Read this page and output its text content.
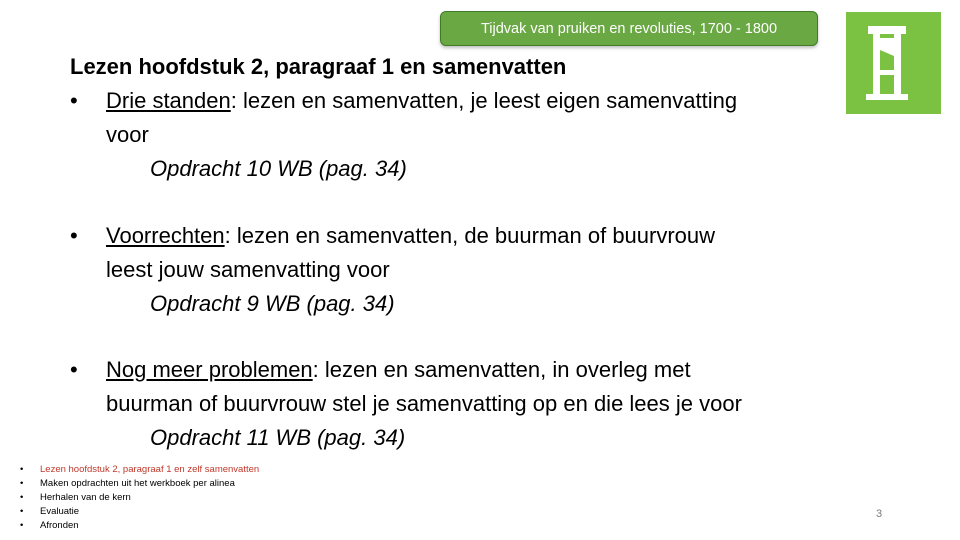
Tijdvak van pruiken en revoluties, 1700 - 1800
Lezen hoofdstuk 2, paragraaf 1 en samenvatten
• Drie standen: lezen en samenvatten, je leest eigen samenvatting
voor
Opdracht 10 WB (pag. 34)
• Voorrechten: lezen en samenvatten, de buurman of buurvrouw
leest jouw samenvatting voor
Opdracht 9 WB (pag. 34)
• Nog meer problemen: lezen en samenvatten, in overleg met
buurman of buurvrouw stel je samenvatting op en die lees je voor
Opdracht 11 WB (pag. 34)
• Lezen hoofdstuk 2, paragraaf 1 en zelf samenvatten
• Maken opdrachten uit het werkboek per alinea
• Herhalen van de kern
• Evaluatie
• Afronden
3
